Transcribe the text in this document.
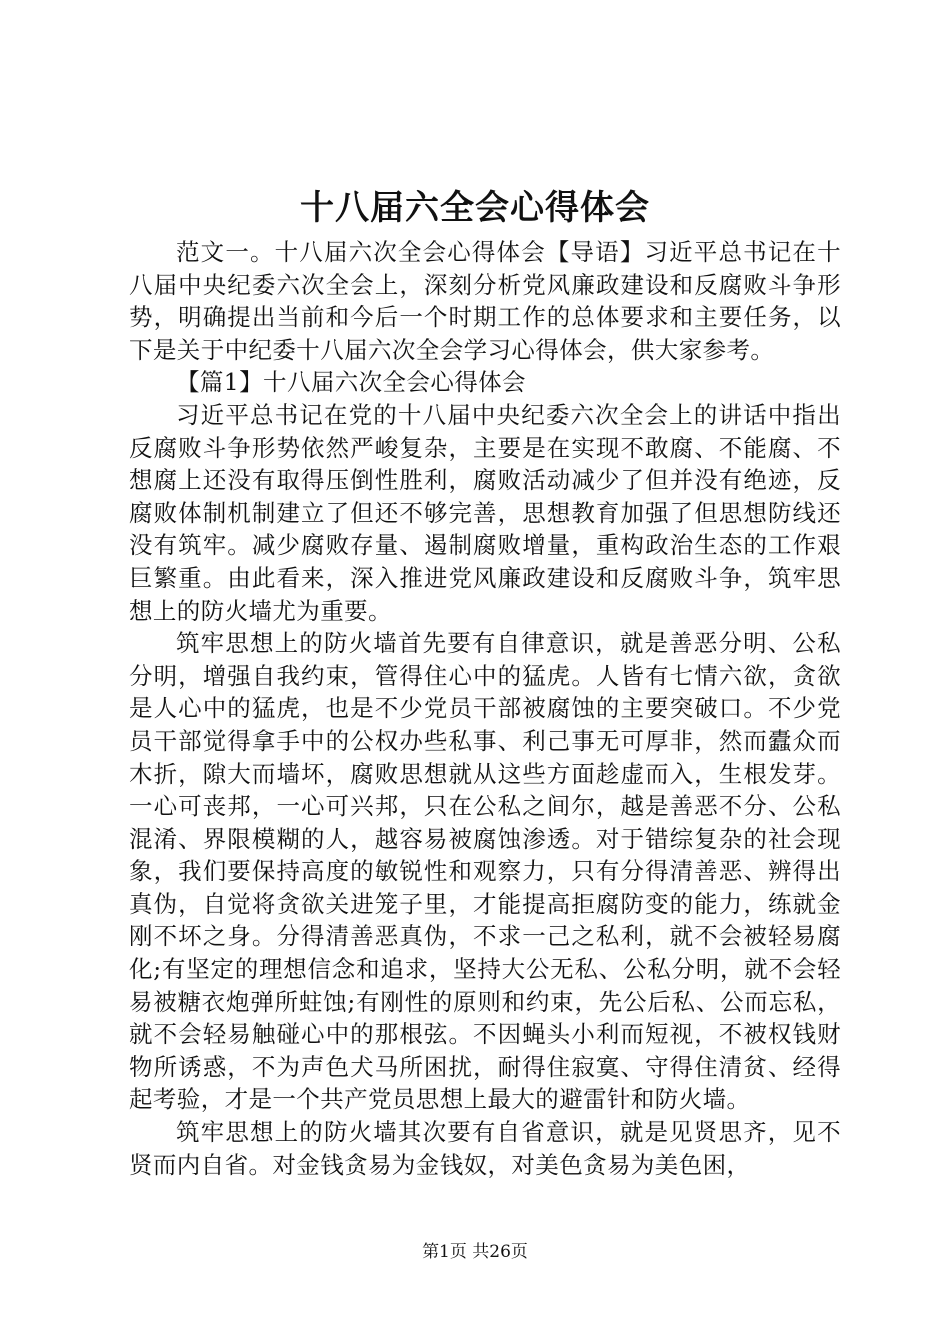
十八届六全会心得体会

范文一。十八届六次全会心得体会【导语】习近平总书记在十八届中央纪委六次全会上，深刻分析党风廉政建设和反腐败斗争形势，明确提出当前和今后一个时期工作的总体要求和主要任务，以下是关于中纪委十八届六次全会学习心得体会，供大家参考。

【篇1】十八届六次全会心得体会

习近平总书记在党的十八届中央纪委六次全会上的讲话中指出反腐败斗争形势依然严峻复杂，主要是在实现不敢腐、不能腐、不想腐上还没有取得压倒性胜利，腐败活动减少了但并没有绝迹，反腐败体制机制建立了但还不够完善，思想教育加强了但思想防线还没有筑牢。减少腐败存量、遏制腐败增量，重构政治生态的工作艰巨繁重。由此看来，深入推进党风廉政建设和反腐败斗争，筑牢思想上的防火墙尤为重要。

筑牢思想上的防火墙首先要有自律意识，就是善恶分明、公私分明，增强自我约束，管得住心中的猛虎。人皆有七情六欲，贪欲是人心中的猛虎，也是不少党员干部被腐蚀的主要突破口。不少党员干部觉得拿手中的公权办些私事、利己事无可厚非，然而蠹众而木折，隙大而墙坏，腐败思想就从这些方面趁虚而入，生根发芽。一心可丧邦，一心可兴邦，只在公私之间尔，越是善恶不分、公私混淆、界限模糊的人，越容易被腐蚀渗透。对于错综复杂的社会现象，我们要保持高度的敏锐性和观察力，只有分得清善恶、辨得出真伪，自觉将贪欲关进笼子里，才能提高拒腐防变的能力，练就金刚不坏之身。分得清善恶真伪，不求一己之私利，就不会被轻易腐化;有坚定的理想信念和追求，坚持大公无私、公私分明，就不会轻易被糖衣炮弹所蛀蚀;有刚性的原则和约束，先公后私、公而忘私，就不会轻易触碰心中的那根弦。不因蝇头小利而短视，不被权钱财物所诱惑，不为声色犬马所困扰，耐得住寂寞、守得住清贫、经得起考验，才是一个共产党员思想上最大的避雷针和防火墙。

筑牢思想上的防火墙其次要有自省意识，就是见贤思齐，见不贤而内自省。对金钱贪易为金钱奴，对美色贪易为美色困，

第1页 共26页
